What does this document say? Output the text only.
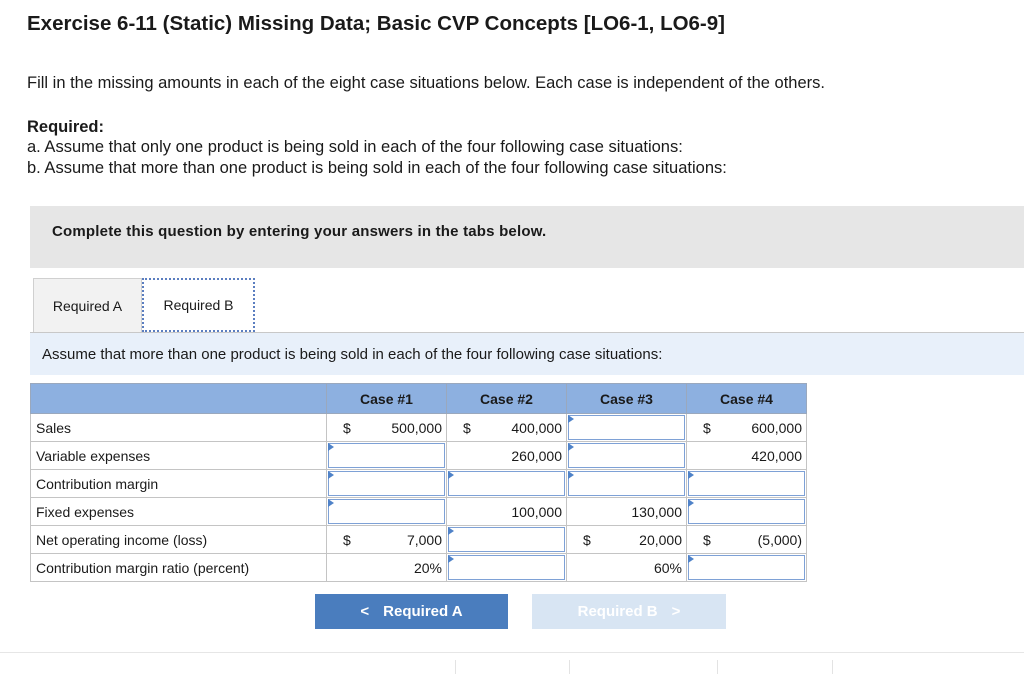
Exercise 6-11 (Static) Missing Data; Basic CVP Concepts [LO6-1, LO6-9]
Fill in the missing amounts in each of the eight case situations below. Each case is independent of the others.
Required:
a. Assume that only one product is being sold in each of the four following case situations:
b. Assume that more than one product is being sold in each of the four following case situations:
Complete this question by entering your answers in the tabs below.
Required A	Required B
Assume that more than one product is being sold in each of the four following case situations:
	Case #1	Case #2	Case #3	Case #4
Sales	$ 500,000	$ 400,000		$ 600,000

Variable expenses		260,000		420,000

Contribution margin	

Fixed expenses		100,000	130,000	

Net operating income (loss)	$ 7,000		$ 20,000	$ (5,000)

Contribution margin ratio (percent)	20%		60%	

< Required A	Required B >
